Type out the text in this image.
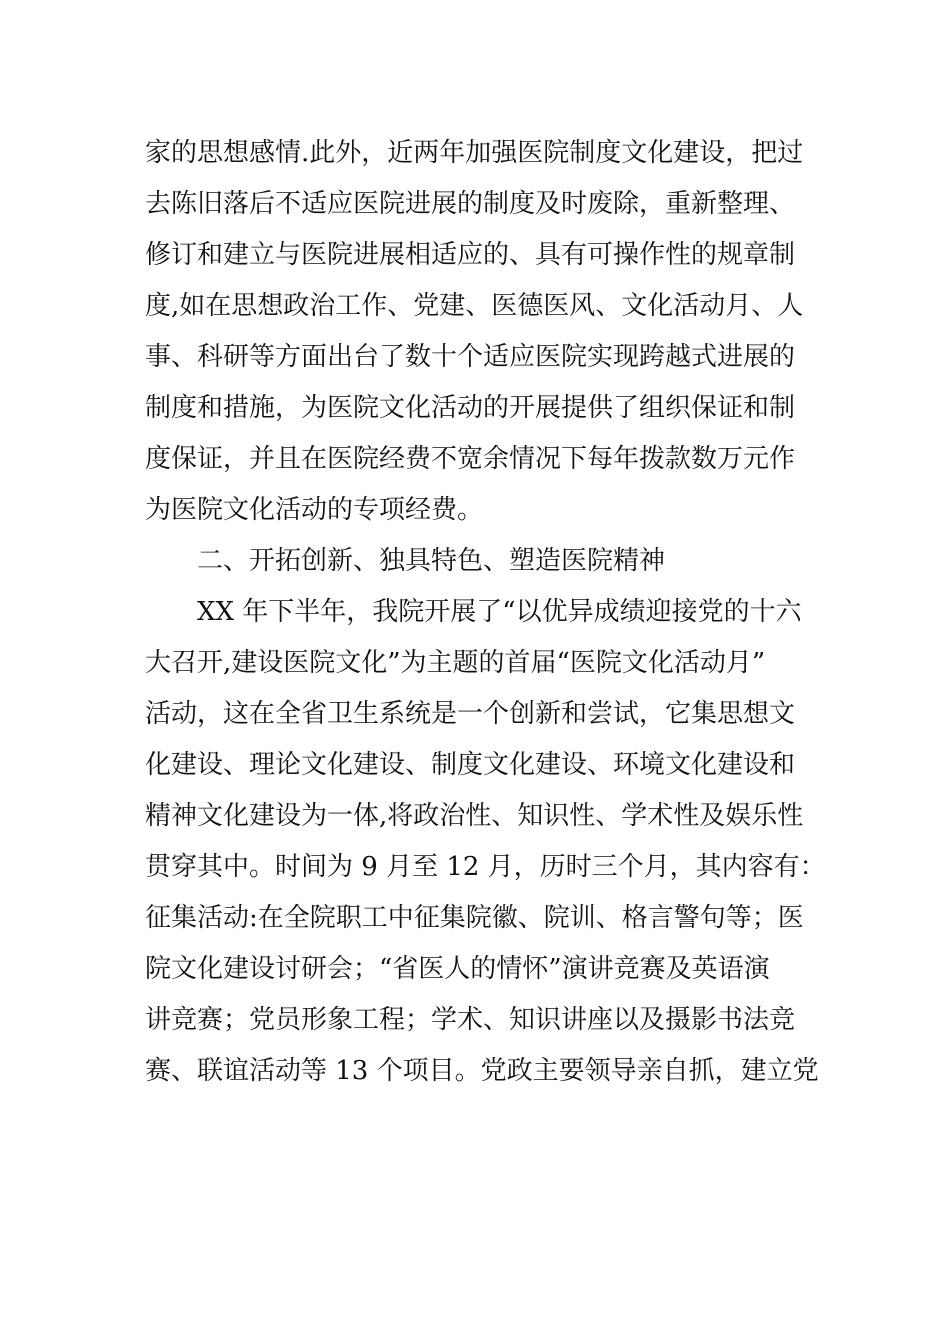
家的思想感情.此外，近两年加强医院制度文化建设，把过
去陈旧落后不适应医院进展的制度及时废除，重新整理、
修订和建立与医院进展相适应的、具有可操作性的规章制
度,如在思想政治工作、党建、医德医风、文化活动月、人
事、科研等方面出台了数十个适应医院实现跨越式进展的
制度和措施，为医院文化活动的开展提供了组织保证和制
度保证，并且在医院经费不宽余情况下每年拨款数万元作
为医院文化活动的专项经费。
二、开拓创新、独具特色、塑造医院精神
XX 年下半年，我院开展了“以优异成绩迎接党的十六
大召开,建设医院文化”为主题的首届“医院文化活动月”
活动，这在全省卫生系统是一个创新和尝试，它集思想文
化建设、理论文化建设、制度文化建设、环境文化建设和
精神文化建设为一体,将政治性、知识性、学术性及娱乐性
贯穿其中。时间为 9 月至 12 月，历时三个月，其内容有：
征集活动:在全院职工中征集院徽、院训、格言警句等；医
院文化建设讨研会；“省医人的情怀”演讲竞赛及英语演
讲竞赛；党员形象工程；学术、知识讲座以及摄影书法竞
赛、联谊活动等 13 个项目。党政主要领导亲自抓，建立党
